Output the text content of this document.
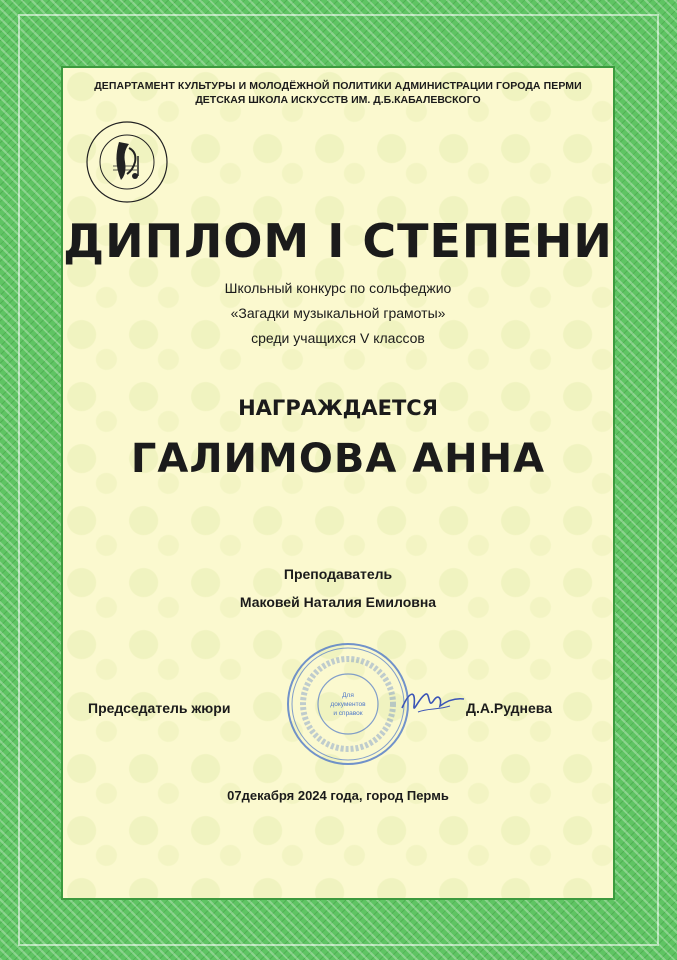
ДЕПАРТАМЕНТ КУЛЬТУРЫ И МОЛОДЁЖНОЙ ПОЛИТИКИ АДМИНИСТРАЦИИ ГОРОДА ПЕРМИ
ДЕТСКАЯ ШКОЛА ИСКУССТВ ИМ. Д.Б.КАБАЛЕВСКОГО
ДИПЛОМ I СТЕПЕНИ
Школьный конкурс по сольфеджио
«Загадки музыкальной грамоты»
среди учащихся V классов
НАГРАЖДАЕТСЯ
ГАЛИМОВА АННА
Преподаватель
Маковей Наталия Емиловна
Для
документов
и справок
Председатель жюри	Д.А.Руднева
07декабря 2024 года, город Пермь
